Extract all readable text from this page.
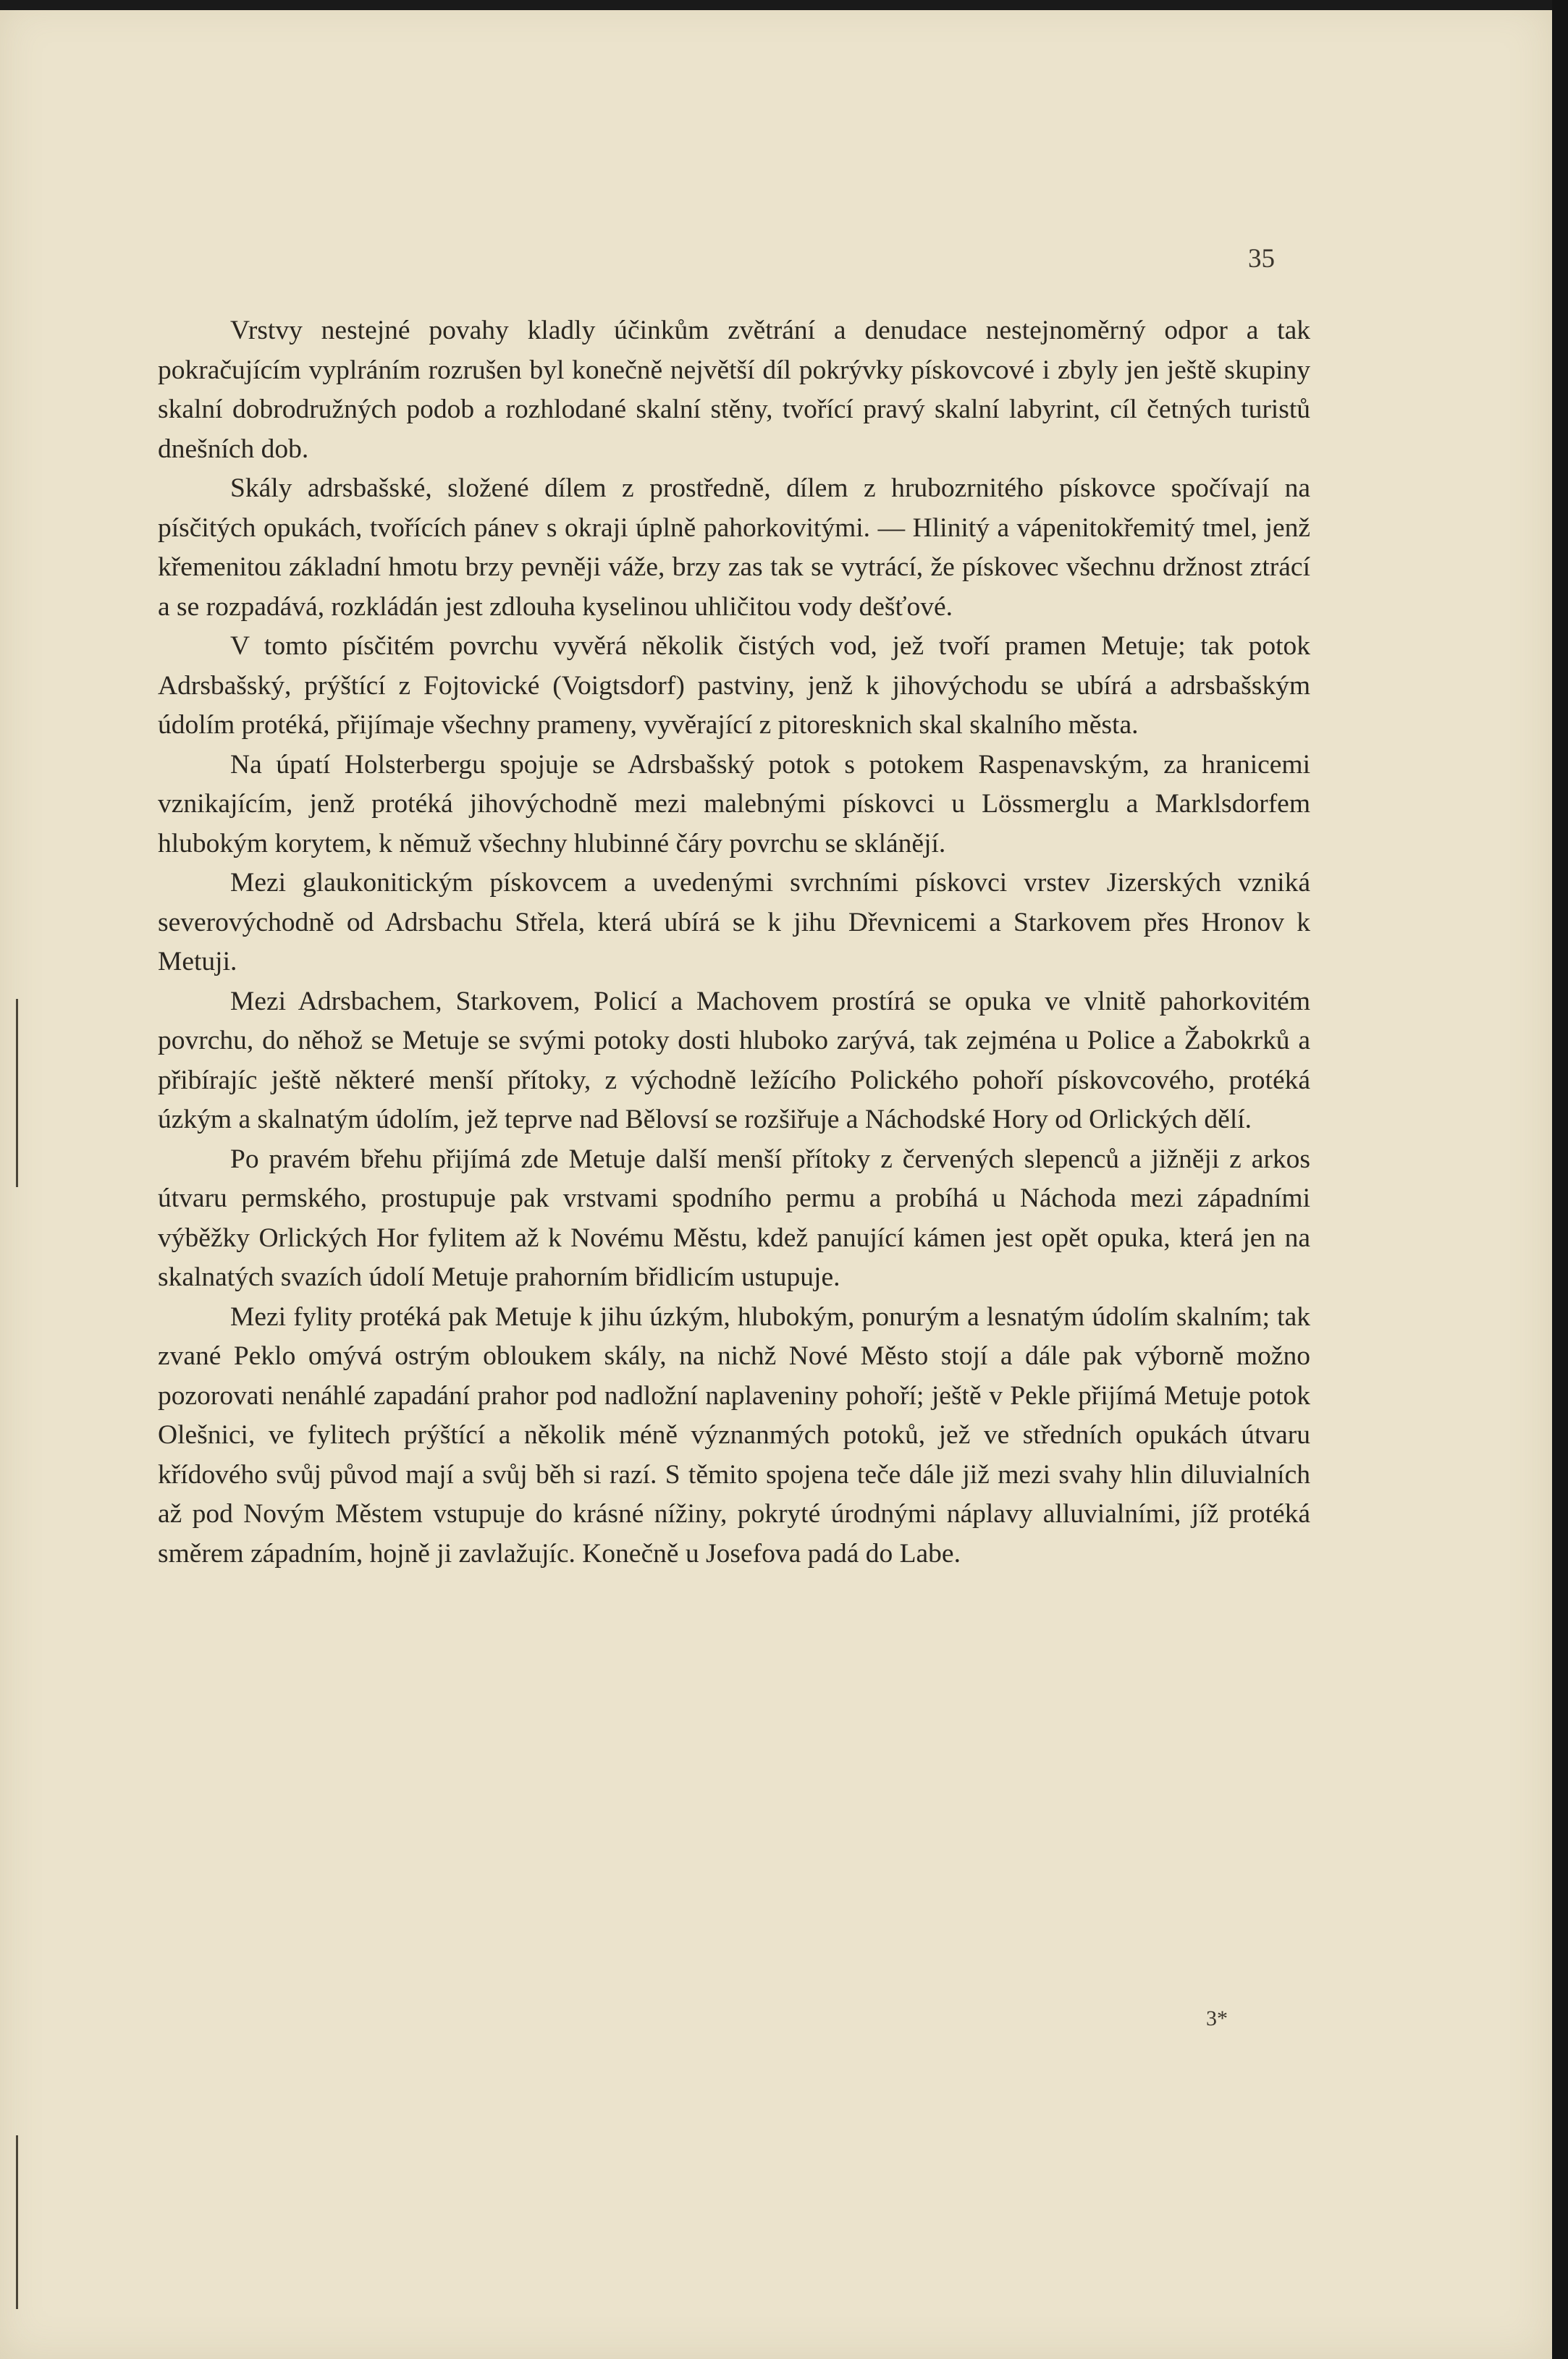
35

Vrstvy nestejné povahy kladly účinkům zvětrání a denudace nestejnoměrný odpor a tak pokračujícím vyplráním rozrušen byl konečně největší díl pokrývky pískovcové i zbyly jen ještě skupiny skalní dobrodružných podob a rozhlodané skalní stěny, tvořící pravý skalní labyrint, cíl četných turistů dnešních dob.

Skály adrsbašské, složené dílem z prostředně, dílem z hrubozrnitého pískovce spočívají na písčitých opukách, tvořících pánev s okraji úplně pahorkovitými. — Hlinitý a vápenitokřemitý tmel, jenž křemenitou základní hmotu brzy pevněji váže, brzy zas tak se vytrácí, že pískovec všechnu držnost ztrácí a se rozpadává, rozkládán jest zdlouha kyselinou uhličitou vody dešťové.

V tomto písčitém povrchu vyvěrá několik čistých vod, jež tvoří pramen Metuje; tak potok Adrsbašský, prýštící z Fojtovické (Voigtsdorf) pastviny, jenž k jihovýchodu se ubírá a adrsbašským údolím protéká, přijímaje všechny prameny, vyvěrající z pitoresknich skal skalního města.

Na úpatí Holsterbergu spojuje se Adrsbašský potok s potokem Raspenavským, za hranicemi vznikajícím, jenž protéká jihovýchodně mezi malebnými pískovci u Lössmerglu a Marklsdorfem hlubokým korytem, k němuž všechny hlubinné čáry povrchu se sklánějí.

Mezi glaukonitickým pískovcem a uvedenými svrchními pískovci vrstev Jizerských vzniká severovýchodně od Adrsbachu Střela, která ubírá se k jihu Dřevnicemi a Starkovem přes Hronov k Metuji.

Mezi Adrsbachem, Starkovem, Policí a Machovem prostírá se opuka ve vlnitě pahorkovitém povrchu, do něhož se Metuje se svými potoky dosti hluboko zarývá, tak zejména u Police a Žabokrků a přibírajíc ještě některé menší přítoky, z východně ležícího Polického pohoří pískovcového, protéká úzkým a skalnatým údolím, jež teprve nad Bělovsí se rozšiřuje a Náchodské Hory od Orlických dělí.

Po pravém břehu přijímá zde Metuje další menší přítoky z červených slepenců a jižněji z arkos útvaru permského, prostupuje pak vrstvami spodního permu a probíhá u Náchoda mezi západními výběžky Orlických Hor fylitem až k Novému Městu, kdež panující kámen jest opět opuka, která jen na skalnatých svazích údolí Metuje prahorním břidlicím ustupuje.

Mezi fylity protéká pak Metuje k jihu úzkým, hlubokým, ponurým a lesnatým údolím skalním; tak zvané Peklo omývá ostrým obloukem skály, na nichž Nové Město stojí a dále pak výborně možno pozorovati nenáhlé zapadání prahor pod nadložní naplaveniny pohoří; ještě v Pekle přijímá Metuje potok Olešnici, ve fylitech prýštící a několik méně význanmých potoků, jež ve středních opukách útvaru křídového svůj původ mají a svůj běh si razí. S těmito spojena teče dále již mezi svahy hlin diluvialních až pod Novým Městem vstupuje do krásné nížiny, pokryté úrodnými náplavy alluvialními, jíž protéká směrem západním, hojně ji zavlažujíc. Konečně u Josefova padá do Labe.

3*
